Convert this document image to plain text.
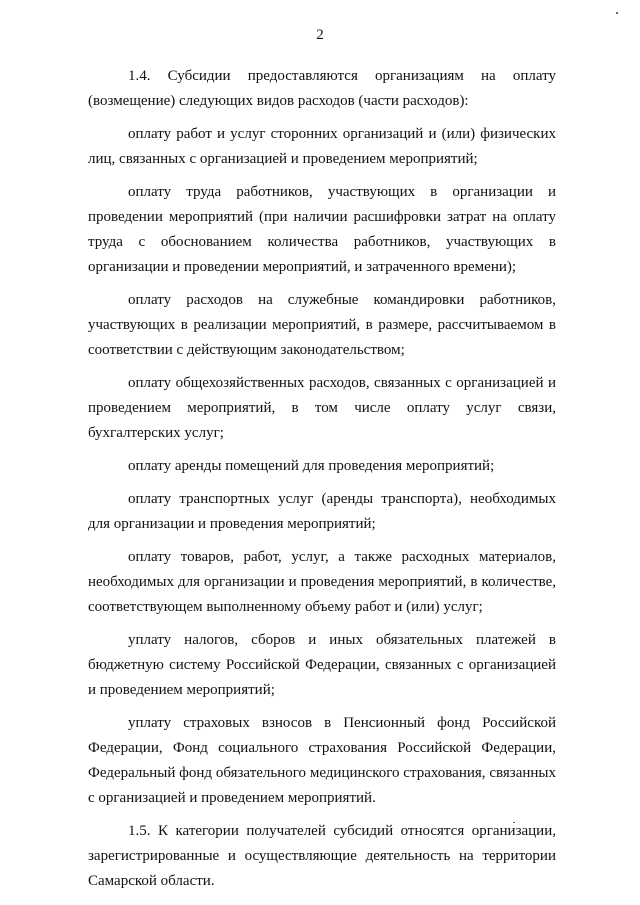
2

1.4. Субсидии предоставляются организациям на оплату (возмещение) следующих видов расходов (части расходов):

оплату работ и услуг сторонних организаций и (или) физических лиц, связанных с организацией и проведением мероприятий;

оплату труда работников, участвующих в организации и проведении мероприятий (при наличии расшифровки затрат на оплату труда с обоснованием количества работников, участвующих в организации и проведении мероприятий, и затраченного времени);

оплату расходов на служебные командировки работников, участвующих в реализации мероприятий, в размере, рассчитываемом в соответствии с действующим законодательством;

оплату общехозяйственных расходов, связанных с организацией и проведением мероприятий, в том числе оплату услуг связи, бухгалтерских услуг;

оплату аренды помещений для проведения мероприятий;

оплату транспортных услуг (аренды транспорта), необходимых для организации и проведения мероприятий;

оплату товаров, работ, услуг, а также расходных материалов, необходимых для организации и проведения мероприятий, в количестве, соответствующем выполненному объему работ и (или) услуг;

уплату налогов, сборов и иных обязательных платежей в бюджетную систему Российской Федерации, связанных с организацией и проведением мероприятий;

уплату страховых взносов в Пенсионный фонд Российской Федерации, Фонд социального страхования Российской Федерации, Федеральный фонд обязательного медицинского страхования, связанных с организацией и проведением мероприятий.

1.5. К категории получателей субсидий относятся организации, зарегистрированные и осуществляющие деятельность на территории Самарской области.
